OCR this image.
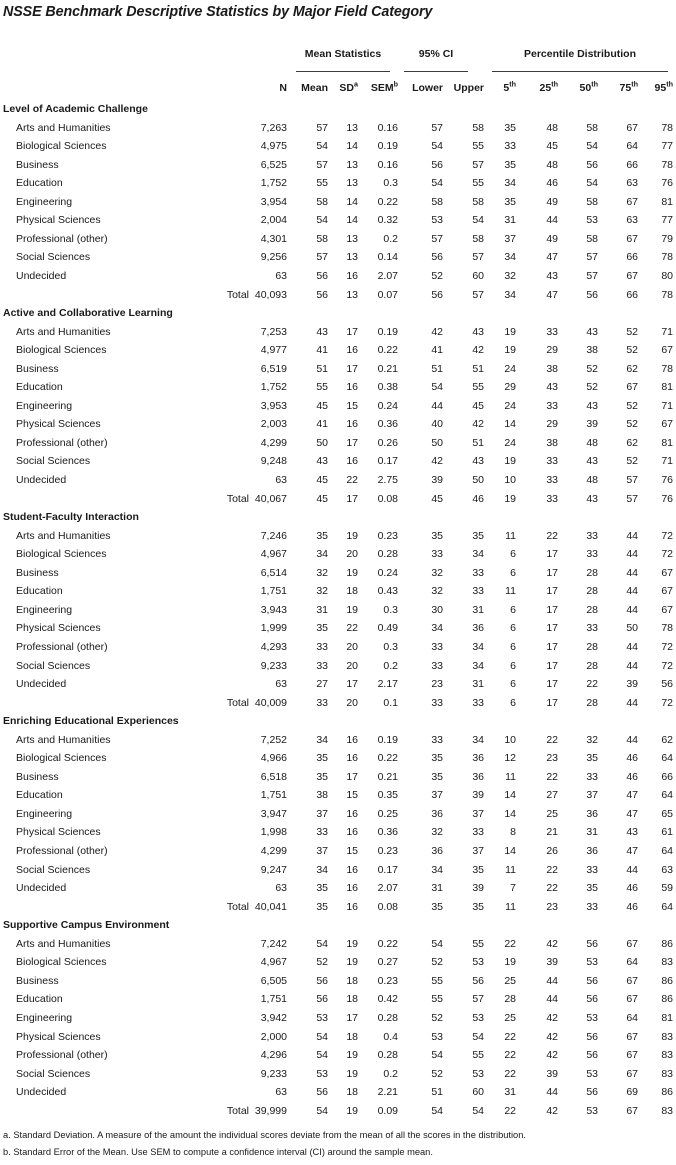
NSSE Benchmark Descriptive Statistics by Major Field Category
Mean Statistics	95% CI	Percentile Distribution
N Mean $SD^a$ SEM$^b$ Lower Upper 5th 25th 50th 75th 95th
Level of Academic Challenge
Arts and Humanities	7,263	57 13 0.16	57	58 35	48	58	67 78
Biological Sciences	4,975	54 14 0.19	54	55 33	45	54	64 77
Business	6,525	57 13 0.16	56	57 35	48	56	66 78
Education	1,752	55 13 0.3	54	55 34	46	54	63 76
Engineering	3,954	58 14 0.22	58	58 35	49	58	67 81
Physical Sciences	2,004	54 14 0.32	53	54 31	44	53	63 77
Professional (other)	4,301	58 13 0.2	57	58 37	49	58	67 79
Social Sciences	9,256	57 13 0.14	56	57 34	47	57	66 78
Undecided	63	56 16 2.07	52	60 32	43	57	67 80
Total 40,093	56 13 0.07	56	57 34	47	56	66 78
Active and Collaborative Learning
Arts and Humanities	7,253	43 17 0.19	42	43 19	33	43	52 71
Biological Sciences	4,977	41 16 0.22	41	42 19	29	38	52 67
Business	6,519	51 17 0.21	51	51 24	38	52	62 78
Education	1,752	55 16 0.38	54	55 29	43	52	67 81
Engineering	3,953	45 15 0.24	44	45 24	33	43	52 71
Physical Sciences	2,003	41 16 0.36	40	42 14	29	39	52 67
Professional (other)	4,299	50 17 0.26	50	51 24	38	48	62 81
Social Sciences	9,248	43 16 0.17	42	43 19	33	43	52 71
Undecided	63	45 22 2.75	39	50 10	33	48	57 76
Total 40,067	45 17 0.08	45	46 19	33	43	57 76
Student-Faculty Interaction
Arts and Humanities	7,246	35 19 0.23	35	35 11	22	33	44 72
Biological Sciences	4,967	34 20 0.28	33	34 6	17	33	44 72
Business	6,514	32 19 0.24	32	33 6	17	28	44 67
Education	1,751	32 18 0.43	32	33 11	17	28	44 67
Engineering	3,943	31 19 0.3	30	31 6	17	28	44 67
Physical Sciences	1,999	35 22 0.49	34	36 6	17	33	50 78
Professional (other)	4,293	33 20 0.3	33	34 6	17	28	44 72
Social Sciences	9,233	33 20 0.2	33	34 6	17	28	44 72
Undecided	63	27 17 2.17	23	31 6	17	22	39 56
Total 40,009	33 20 0.1	33	33 6	17	28	44 72
Enriching Educational Experiences
Arts and Humanities	7,252	34 16 0.19	33	34 10	22	32	44 62
Biological Sciences	4,966	35 16 0.22	35	36 12	23	35	46 64
Business	6,518	35 17 0.21	35	36 11	22	33	46 66
Education	1,751	38 15 0.35	37	39 14	27	37	47 64
Engineering	3,947	37 16 0.25	36	37 14	25	36	47 65
Physical Sciences	1,998	33 16 0.36	32	33 8	21	31	43 61
Professional (other)	4,299	37 15 0.23	36	37 14	26	36	47 64
Social Sciences	9,247	34 16 0.17	34	35 11	22	33	44 63
Undecided	63	35 16 2.07	31	39 7	22	35	46 59
Total 40,041	35 16 0.08	35	35 11	23	33	46 64
Supportive Campus Environment
Arts and Humanities	7,242	54 19 0.22	54	55 22	42	56	67 86
Biological Sciences	4,967	52 19 0.27	52	53 19	39	53	64 83
Business	6,505	56 18 0.23	55	56 25	44	56	67 86
Education	1,751	56 18 0.42	55	57 28	44	56	67 86
Engineering	3,942	53 17 0.28	52	53 25	42	53	64 81
Physical Sciences	2,000	54 18 0.4	53	54 22	42	56	67 83
Professional (other)	4,296	54 19 0.28	54	55 22	42	56	67 83
Social Sciences	9,233	53 19 0.2	52	53 22	39	53	67 83
Undecided	63	56 18 2.21	51	60 31	44	56	69 86
Total 39,999	54 19 0.09	54	54 22	42	53	67 83
a. Standard Deviation. A measure of the amount the individual scores deviate from the mean of all the scores in the distribution.
b. Standard Error of the Mean. Use SEM to compute a confidence interval (CI) around the sample mean.
